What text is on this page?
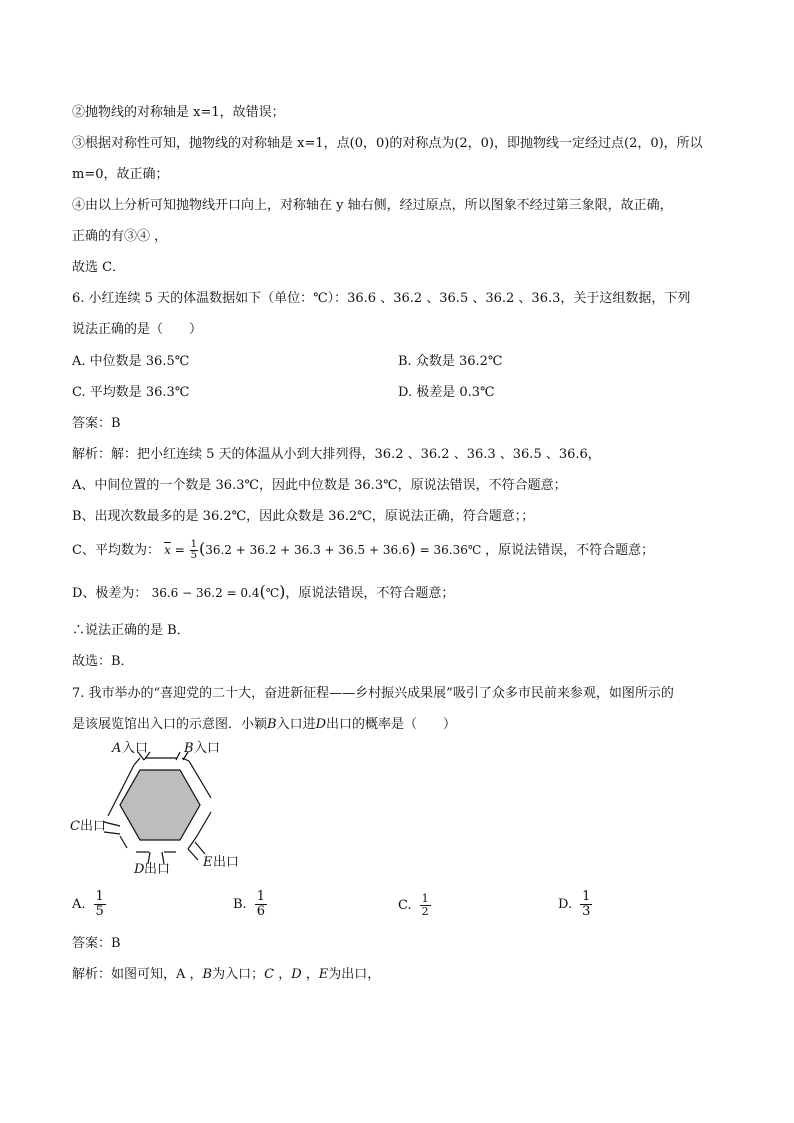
②抛物线的对称轴是 x=1，故错误；
③根据对称性可知，抛物线的对称轴是 x=1，点(0，0)的对称点为(2，0)，即抛物线一定经过点(2，0)，所以
m=0，故正确；
④由以上分析可知抛物线开口向上，对称轴在 y 轴右侧，经过原点，所以图象不经过第三象限，故正确，
正确的有③④ ，
故选 C．
6. 小红连续 5 天的体温数据如下（单位：℃）：36.6 、36.2 、36.5 、36.2 、36.3，关于这组数据，下列
说法正确的是（　　）
A. 中位数是 36.5℃	B. 众数是 36.2℃
C. 平均数是 36.3℃	D. 极差是 0.3℃
答案：B
解析：解：把小红连续 5 天的体温从小到大排列得，36.2 、36.2 、36.3 、36.5 、36.6，
A、中间位置的一个数是 36.3℃，因此中位数是 36.3℃，原说法错误，不符合题意；
B、出现次数最多的是 36.2℃，因此众数是 36.2℃，原说法正确，符合题意；；
C、平均数为： $\overline{x} = \frac{1}{5} (36.2 + 36.2 + 36.3 + 36.5 + 36.6)$ = 36.36℃ ，原说法错误，不符合题意；
D、极差为： 36.6 − 36.2 = 0.4(℃)，原说法错误，不符合题意；
∴说法正确的是 B．
故选：B．
7. 我市举办的“喜迎党的二十大，奋进新征程——乡村振兴成果展”吸引了众多市民前来参观，如图所示的
是该展览馆出入口的示意图．小颖B入口进D出口的概率是（　　）
A 入口	B 入口
C 出口
D 出口	E 出口
A. $\frac{1}{5}$	B. $\frac{1}{6}$	C. $\frac{1}{2}$	D. $\frac{1}{3}$
答案：B
解析：如图可知，A ，B为入口；C ，D ，E为出口，
